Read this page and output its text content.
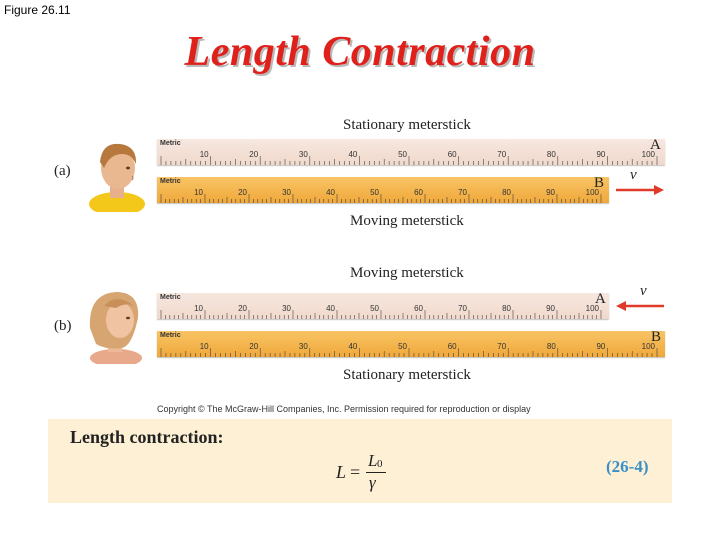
Figure 26.11
Length Contraction
(a)
Stationary meterstick
Metric
10	20	30	40	50	60	70	80	90	100
A
Metric
10	20	30	40	50	60	70	80	90	100
B v
Moving meterstick
Moving meterstick
(b)
Metric
10	20	30	40	50	60	70	80	90	100
A v
Metric
10	20	30	40	50	60	70	80	90	100
B
Stationary meterstick
Copyright © The McGraw-Hill Companies, Inc. Permission required for reproduction or display
Length contraction:
L =
L 0
γ
(26-4)
